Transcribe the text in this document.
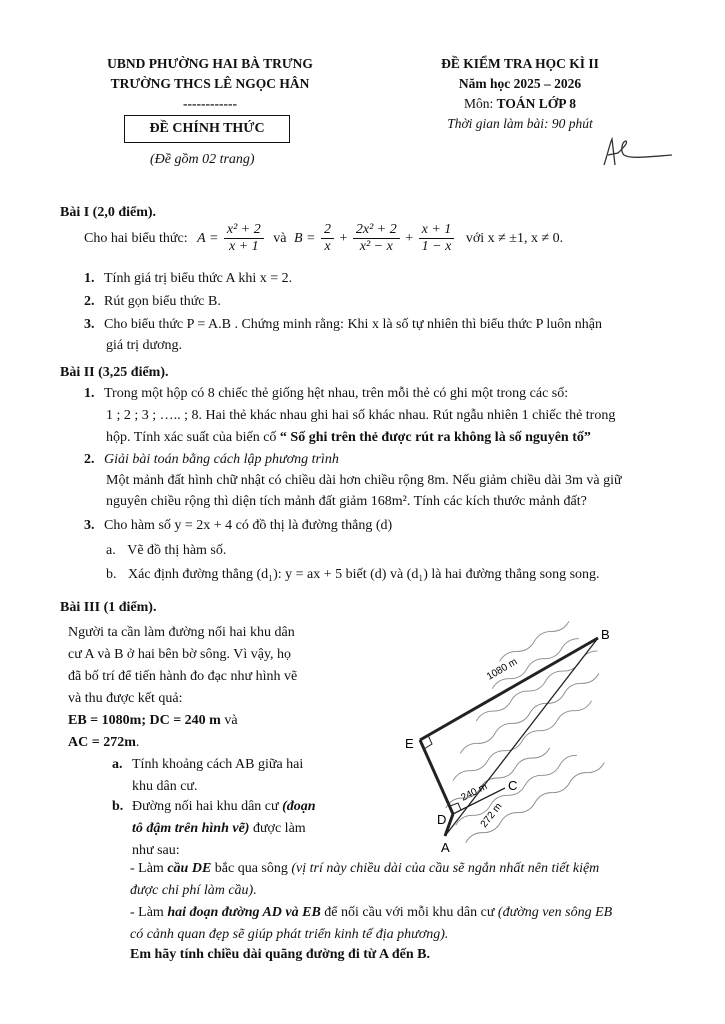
UBND PHƯỜNG HAI BÀ TRƯNG
TRƯỜNG THCS LÊ NGỌC HÂN
------------
ĐỀ CHÍNH THỨC
(Đề gồm 02 trang)
ĐỀ KIỂM TRA HỌC KÌ II
Năm học 2025 – 2026
Môn: TOÁN LỚP 8
Thời gian làm bài: 90 phút
Bài I (2,0 điểm).
Cho hai biểu thức: $A = \frac{\text{x² + 2}}{x + 1}$ và $B = \frac{2}{x} + \frac{\text{2x² + 2}}{\text{x² − x}} + \frac{x + 1}{1 - x}$ với x ≠ ±1, x ≠ 0.
1. Tính giá trị biểu thức A khi x = 2.
2. Rút gọn biểu thức B.
3. Cho biểu thức P = A.B . Chứng minh rằng: Khi x là số tự nhiên thì biểu thức P luôn nhận
giá trị dương.
Bài II (3,25 điểm).
1. Trong một hộp có 8 chiếc thẻ giống hệt nhau, trên mỗi thẻ có ghi một trong các số:
1 ; 2 ; 3 ; ….. ; 8. Hai thẻ khác nhau ghi hai số khác nhau. Rút ngẫu nhiên 1 chiếc thẻ trong
hộp. Tính xác suất của biến cố “ Số ghi trên thẻ được rút ra không là số nguyên tố”
2. Giải bài toán bằng cách lập phương trình
Một mảnh đất hình chữ nhật có chiều dài hơn chiều rộng 8m. Nếu giảm chiều dài 3m và giữ
nguyên chiều rộng thì diện tích mảnh đất giảm 168m². Tính các kích thước mảnh đất?
3. Cho hàm số y = 2x + 4 có đồ thị là đường thẳng (d)
a. Vẽ đồ thị hàm số.
b. Xác định đường thẳng (d₁): y = ax + 5 biết (d) và (d₁) là hai đường thẳng song song.
Bài III (1 điểm).
Người ta cần làm đường nối hai khu dân
cư A và B ở hai bên bờ sông. Vì vậy, họ
đã bố trí để tiến hành đo đạc như hình vẽ
và thu được kết quả:
EB = 1080m; DC = 240 m và
AC = 272m.
a. Tính khoảng cách AB giữa hai
khu dân cư.
b. Đường nối hai khu dân cư (đoạn
tô đậm trên hình vẽ) được làm
như sau:
- Làm cầu DE bắc qua sông (vị trí này chiều dài của cầu sẽ ngắn nhất nên tiết kiệm
được chi phí làm cầu).
- Làm hai đoạn đường AD và EB để nối cầu với mỗi khu dân cư (đường ven sông EB
có cảnh quan đẹp sẽ giúp phát triển kinh tế địa phương).
Em hãy tính chiều dài quãng đường đi từ A đến B.
B
E
C
D
A
1080 m
240 m
272 m
